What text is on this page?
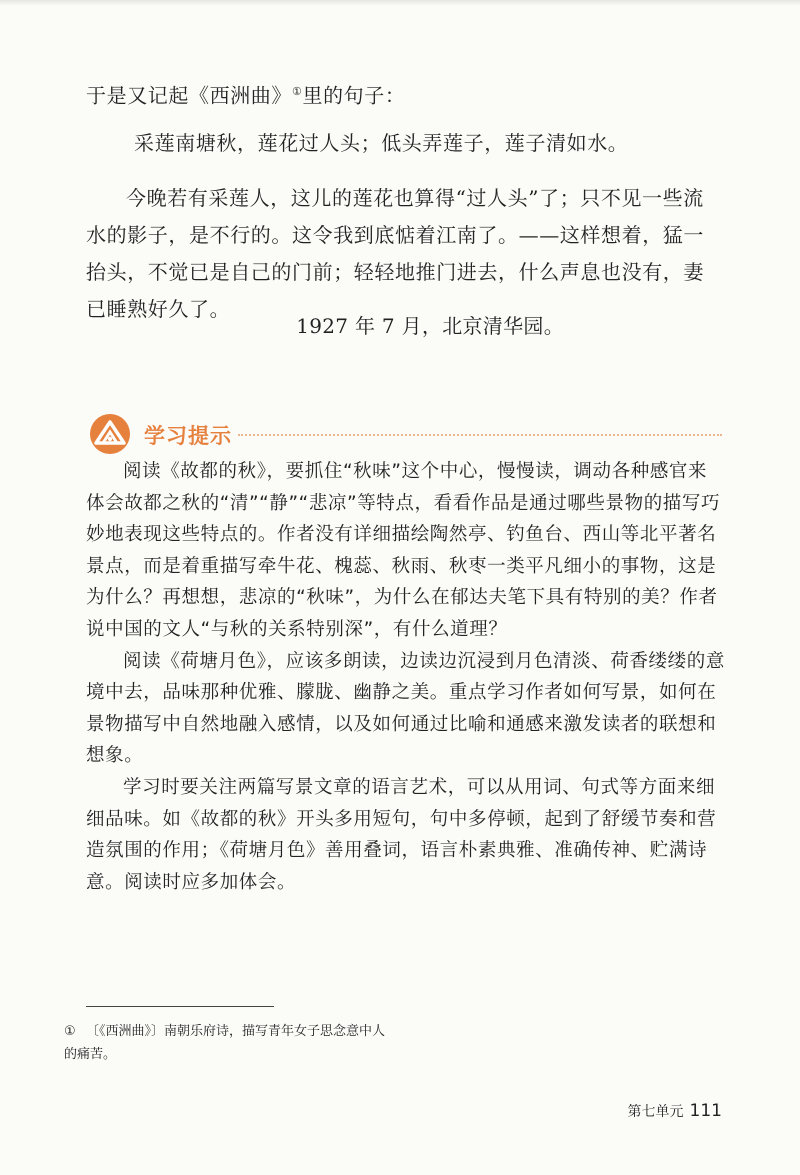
于是又记起《西洲曲》①里的句子：

采莲南塘秋，莲花过人头；低头弄莲子，莲子清如水。

今晚若有采莲人，这儿的莲花也算得“过人头”了；只不见一些流水的影子，是不行的。这令我到底惦着江南了。——这样想着，猛一抬头，不觉已是自己的门前；轻轻地推门进去，什么声息也没有，妻已睡熟好久了。

1927 年 7 月，北京清华园。

学习提示

阅读《故都的秋》，要抓住“秋味”这个中心，慢慢读，调动各种感官来体会故都之秋的“清”“静”“悲凉”等特点，看看作品是通过哪些景物的描写巧妙地表现这些特点的。作者没有详细描绘陶然亭、钓鱼台、西山等北平著名景点，而是着重描写牵牛花、槐蕊、秋雨、秋枣一类平凡细小的事物，这是为什么？再想想，悲凉的“秋味”，为什么在郁达夫笔下具有特别的美？作者说中国的文人“与秋的关系特别深”，有什么道理？

阅读《荷塘月色》，应该多朗读，边读边沉浸到月色清淡、荷香缕缕的意境中去，品味那种优雅、朦胧、幽静之美。重点学习作者如何写景，如何在景物描写中自然地融入感情，以及如何通过比喻和通感来激发读者的联想和想象。

学习时要关注两篇写景文章的语言艺术，可以从用词、句式等方面来细细品味。如《故都的秋》开头多用短句，句中多停顿，起到了舒缓节奏和营造氛围的作用；《荷塘月色》善用叠词，语言朴素典雅、准确传神、贮满诗意。阅读时应多加体会。

① 〔《西洲曲》〕南朝乐府诗，描写青年女子思念意中人的痛苦。

第七单元 111
